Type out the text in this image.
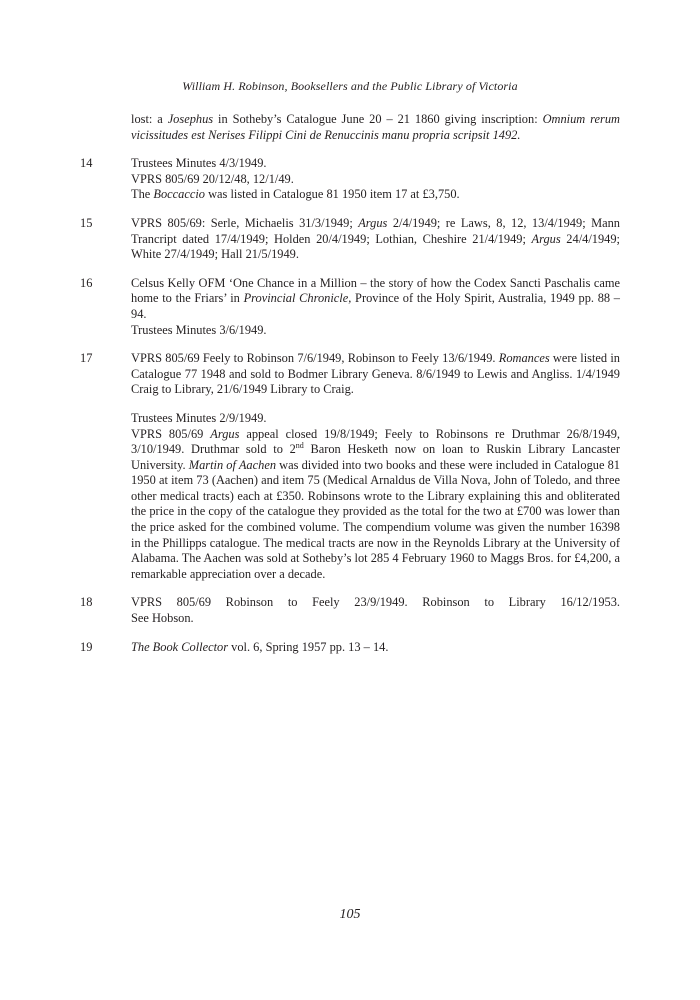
William H. Robinson, Booksellers and the Public Library of Victoria

lost: a Josephus in Sotheby’s Catalogue June 20 – 21 1860 giving inscription: Omnium rerum vicissitudes est Nerises Filippi Cini de Renuccinis manu propria scripsit 1492.

14	Trustees Minutes 4/3/1949.
VPRS 805/69 20/12/48, 12/1/49.
The Boccaccio was listed in Catalogue 81 1950 item 17 at £3,750.

15	VPRS 805/69: Serle, Michaelis 31/3/1949; Argus 2/4/1949; re Laws, 8, 12, 13/4/1949; Mann Trancript dated 17/4/1949; Holden 20/4/1949; Lothian, Cheshire 21/4/1949; Argus 24/4/1949; White 27/4/1949; Hall 21/5/1949.

16	Celsus Kelly OFM ‘One Chance in a Million – the story of how the Codex Sancti Paschalis came home to the Friars’ in Provincial Chronicle, Province of the Holy Spirit, Australia, 1949 pp. 88 – 94.
Trustees Minutes 3/6/1949.

17	VPRS 805/69 Feely to Robinson 7/6/1949, Robinson to Feely 13/6/1949. Romances were listed in Catalogue 77 1948 and sold to Bodmer Library Geneva. 8/6/1949 to Lewis and Angliss. 1/4/1949 Craig to Library, 21/6/1949 Library to Craig.

Trustees Minutes 2/9/1949.
VPRS 805/69 Argus appeal closed 19/8/1949; Feely to Robinsons re Druthmar 26/8/1949, 3/10/1949. Druthmar sold to 2nd Baron Hesketh now on loan to Ruskin Library Lancaster University. Martin of Aachen was divided into two books and these were included in Catalogue 81 1950 at item 73 (Aachen) and item 75 (Medical Arnaldus de Villa Nova, John of Toledo, and three other medical tracts) each at £350. Robinsons wrote to the Library explaining this and obliterated the price in the copy of the catalogue they provided as the total for the two at £700 was lower than the price asked for the combined volume. The compendium volume was given the number 16398 in the Phillipps catalogue. The medical tracts are now in the Reynolds Library at the University of Alabama. The Aachen was sold at Sotheby’s lot 285 4 February 1960 to Maggs Bros. for £4,200, a remarkable appreciation over a decade.

18	VPRS 805/69 Robinson to Feely 23/9/1949. Robinson to Library 16/12/1953.
See Hobson.
19	The Book Collector vol. 6, Spring 1957 pp. 13 – 14.

105
